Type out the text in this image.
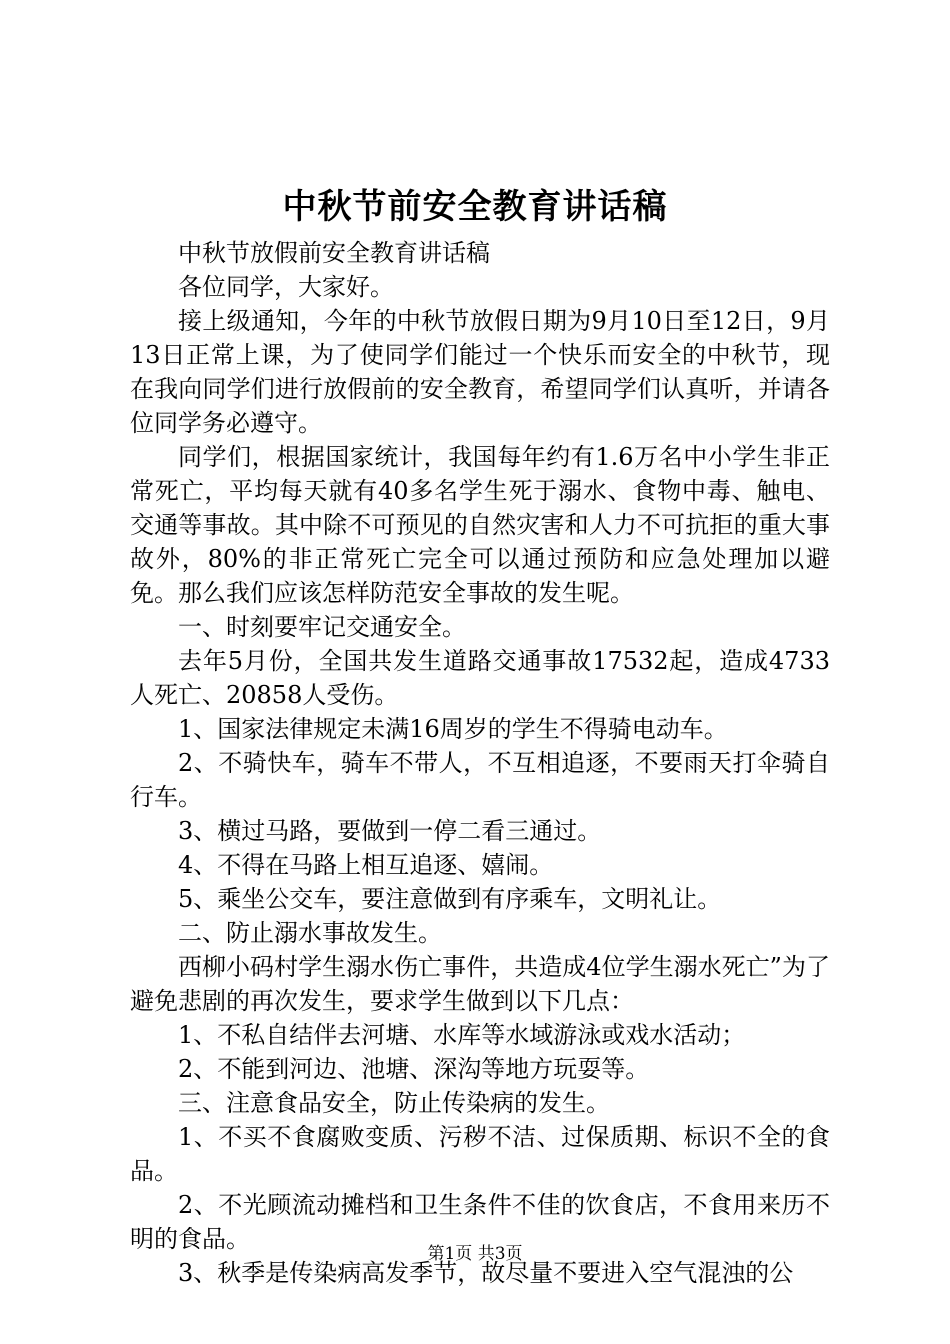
中秋节前安全教育讲话稿

中秋节放假前安全教育讲话稿

各位同学，大家好。

接上级通知，今年的中秋节放假日期为9月10日至12日，9月13日正常上课，为了使同学们能过一个快乐而安全的中秋节，现在我向同学们进行放假前的安全教育，希望同学们认真听，并请各位同学务必遵守。

同学们，根据国家统计，我国每年约有1.6万名中小学生非正常死亡，平均每天就有40多名学生死于溺水、食物中毒、触电、交通等事故。其中除不可预见的自然灾害和人力不可抗拒的重大事故外，80%的非正常死亡完全可以通过预防和应急处理加以避免。那么我们应该怎样防范安全事故的发生呢。

一、时刻要牢记交通安全。

去年5月份，全国共发生道路交通事故17532起，造成4733人死亡、20858人受伤。

1、国家法律规定未满16周岁的学生不得骑电动车。

2、不骑快车，骑车不带人，不互相追逐，不要雨天打伞骑自行车。

3、横过马路，要做到一停二看三通过。

4、不得在马路上相互追逐、嬉闹。

5、乘坐公交车，要注意做到有序乘车，文明礼让。

二、防止溺水事故发生。

西柳小码村学生溺水伤亡事件，共造成4位学生溺水死亡”为了避免悲剧的再次发生，要求学生做到以下几点：

1、不私自结伴去河塘、水库等水域游泳或戏水活动；

2、不能到河边、池塘、深沟等地方玩耍等。

三、注意食品安全，防止传染病的发生。

1、不买不食腐败变质、污秽不洁、过保质期、标识不全的食品。

2、不光顾流动摊档和卫生条件不佳的饮食店，不食用来历不明的食品。

3、秋季是传染病高发季节，故尽量不要进入空气混浊的公

第1页 共3页
